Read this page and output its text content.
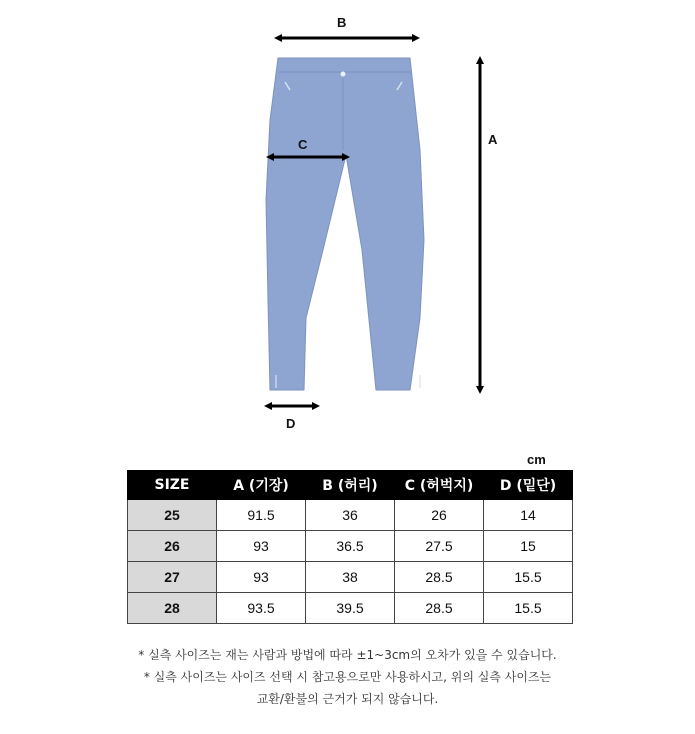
B
C
D
A
cm
SIZE	A (기장)	B (허리)	C (허벅지)	D (밑단)
25	91.5	36	26	14
26	93	36.5	27.5	15
27	93	38	28.5	15.5
28	93.5	39.5	28.5	15.5

* 실측 사이즈는 재는 사람과 방법에 따라 ±1~3cm의 오차가 있을 수 있습니다.

* 실측 사이즈는 사이즈 선택 시 참고용으로만 사용하시고, 위의 실측 사이즈는

교환/환불의 근거가 되지 않습니다.
